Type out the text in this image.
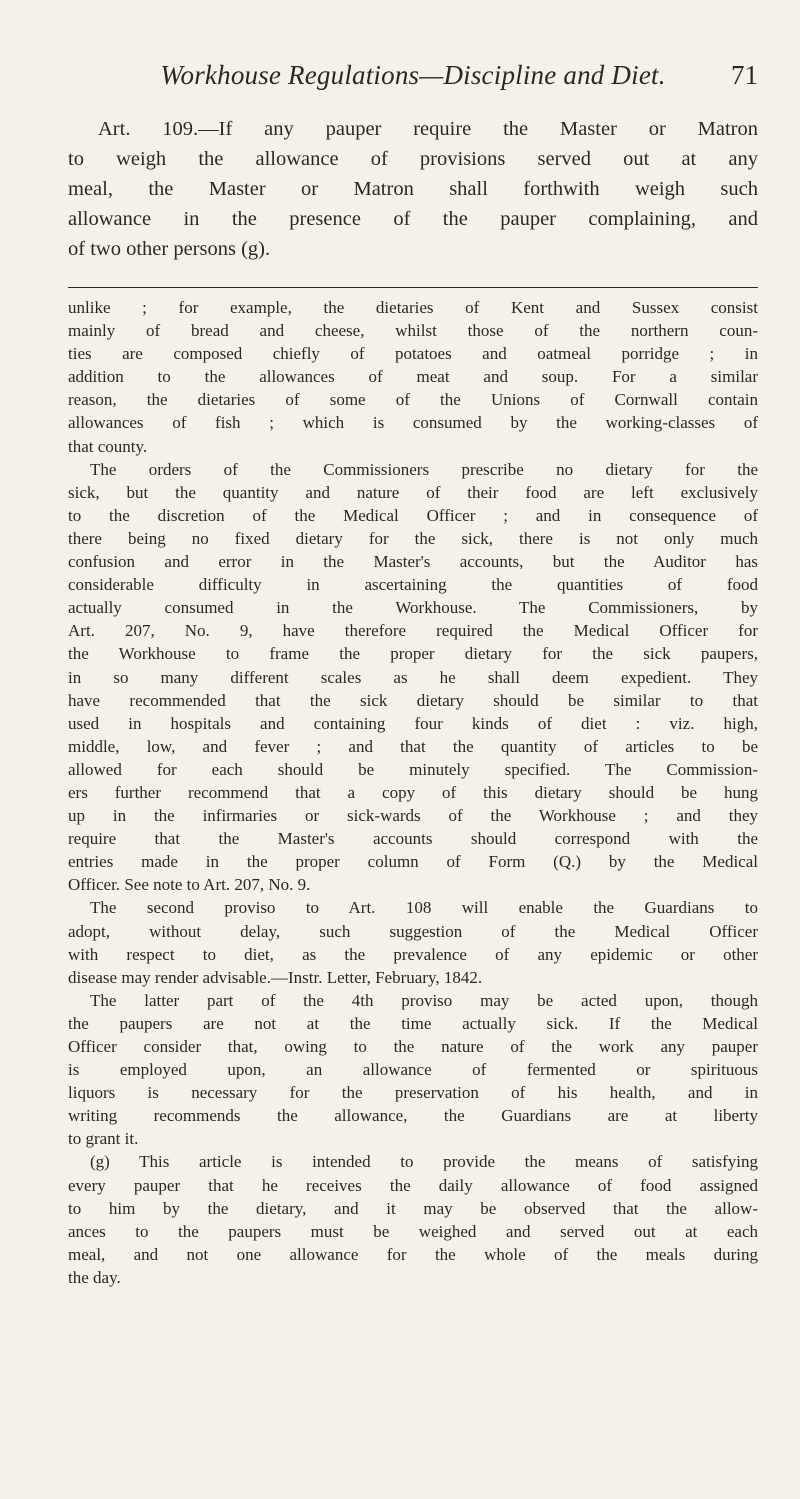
Workhouse Regulations—Discipline and Diet.	71
Art. 109.—If any pauper require the Master or Matron
to weigh the allowance of provisions served out at any
meal, the Master or Matron shall forthwith weigh such
allowance in the presence of the pauper complaining, and
of two other persons (g).
unlike ; for example, the dietaries of Kent and Sussex consist
mainly of bread and cheese, whilst those of the northern coun-
ties are composed chiefly of potatoes and oatmeal porridge ; in
addition to the allowances of meat and soup. For a similar
reason, the dietaries of some of the Unions of Cornwall contain
allowances of fish ; which is consumed by the working-classes of
that county.
The orders of the Commissioners prescribe no dietary for the
sick, but the quantity and nature of their food are left exclusively
to the discretion of the Medical Officer ; and in consequence of
there being no fixed dietary for the sick, there is not only much
confusion and error in the Master's accounts, but the Auditor has
considerable difficulty in ascertaining the quantities of food
actually consumed in the Workhouse. The Commissioners, by
Art. 207, No. 9, have therefore required the Medical Officer for
the Workhouse to frame the proper dietary for the sick paupers,
in so many different scales as he shall deem expedient. They
have recommended that the sick dietary should be similar to that
used in hospitals and containing four kinds of diet : viz. high,
middle, low, and fever ; and that the quantity of articles to be
allowed for each should be minutely specified. The Commission-
ers further recommend that a copy of this dietary should be hung
up in the infirmaries or sick-wards of the Workhouse ; and they
require that the Master's accounts should correspond with the
entries made in the proper column of Form (Q.) by the Medical
Officer. See note to Art. 207, No. 9.
The second proviso to Art. 108 will enable the Guardians to
adopt, without delay, such suggestion of the Medical Officer
with respect to diet, as the prevalence of any epidemic or other
disease may render advisable.—Instr. Letter, February, 1842.
The latter part of the 4th proviso may be acted upon, though
the paupers are not at the time actually sick. If the Medical
Officer consider that, owing to the nature of the work any pauper
is employed upon, an allowance of fermented or spirituous
liquors is necessary for the preservation of his health, and in
writing recommends the allowance, the Guardians are at liberty
to grant it.
(g) This article is intended to provide the means of satisfying
every pauper that he receives the daily allowance of food assigned
to him by the dietary, and it may be observed that the allow-
ances to the paupers must be weighed and served out at each
meal, and not one allowance for the whole of the meals during
the day.
